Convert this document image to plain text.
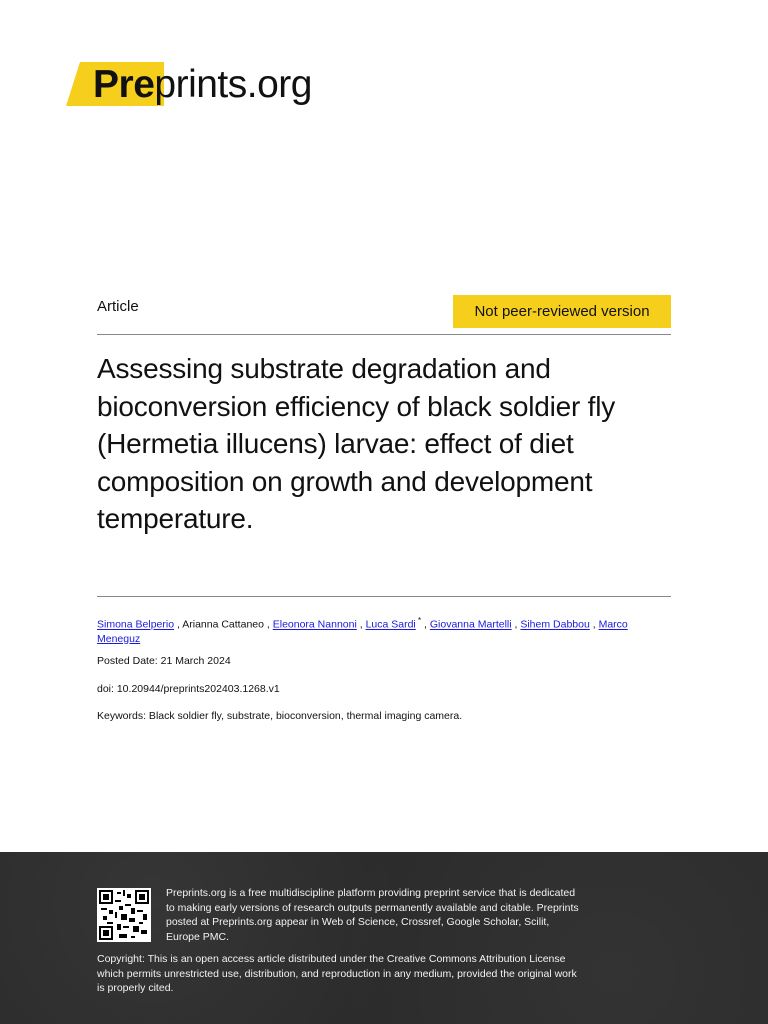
Pre prints.org
Article	Not peer-reviewed version
Assessing substrate degradation and bioconversion efficiency of black soldier fly (Hermetia illucens) larvae: effect of diet composition on growth and development temperature.
Simona Belperio , Arianna Cattaneo , Eleonora Nannoni , Luca Sardi * , Giovanna Martelli , Sihem Dabbou , Marco Meneguz
Posted Date: 21 March 2024
doi: 10.20944/preprints202403.1268.v1
Keywords: Black soldier fly, substrate, bioconversion, thermal imaging camera.
Preprints.org is a free multidiscipline platform providing preprint service that is dedicated to making early versions of research outputs permanently available and citable. Preprints posted at Preprints.org appear in Web of Science, Crossref, Google Scholar, Scilit, Europe PMC.
Copyright: This is an open access article distributed under the Creative Commons Attribution License which permits unrestricted use, distribution, and reproduction in any medium, provided the original work is properly cited.
